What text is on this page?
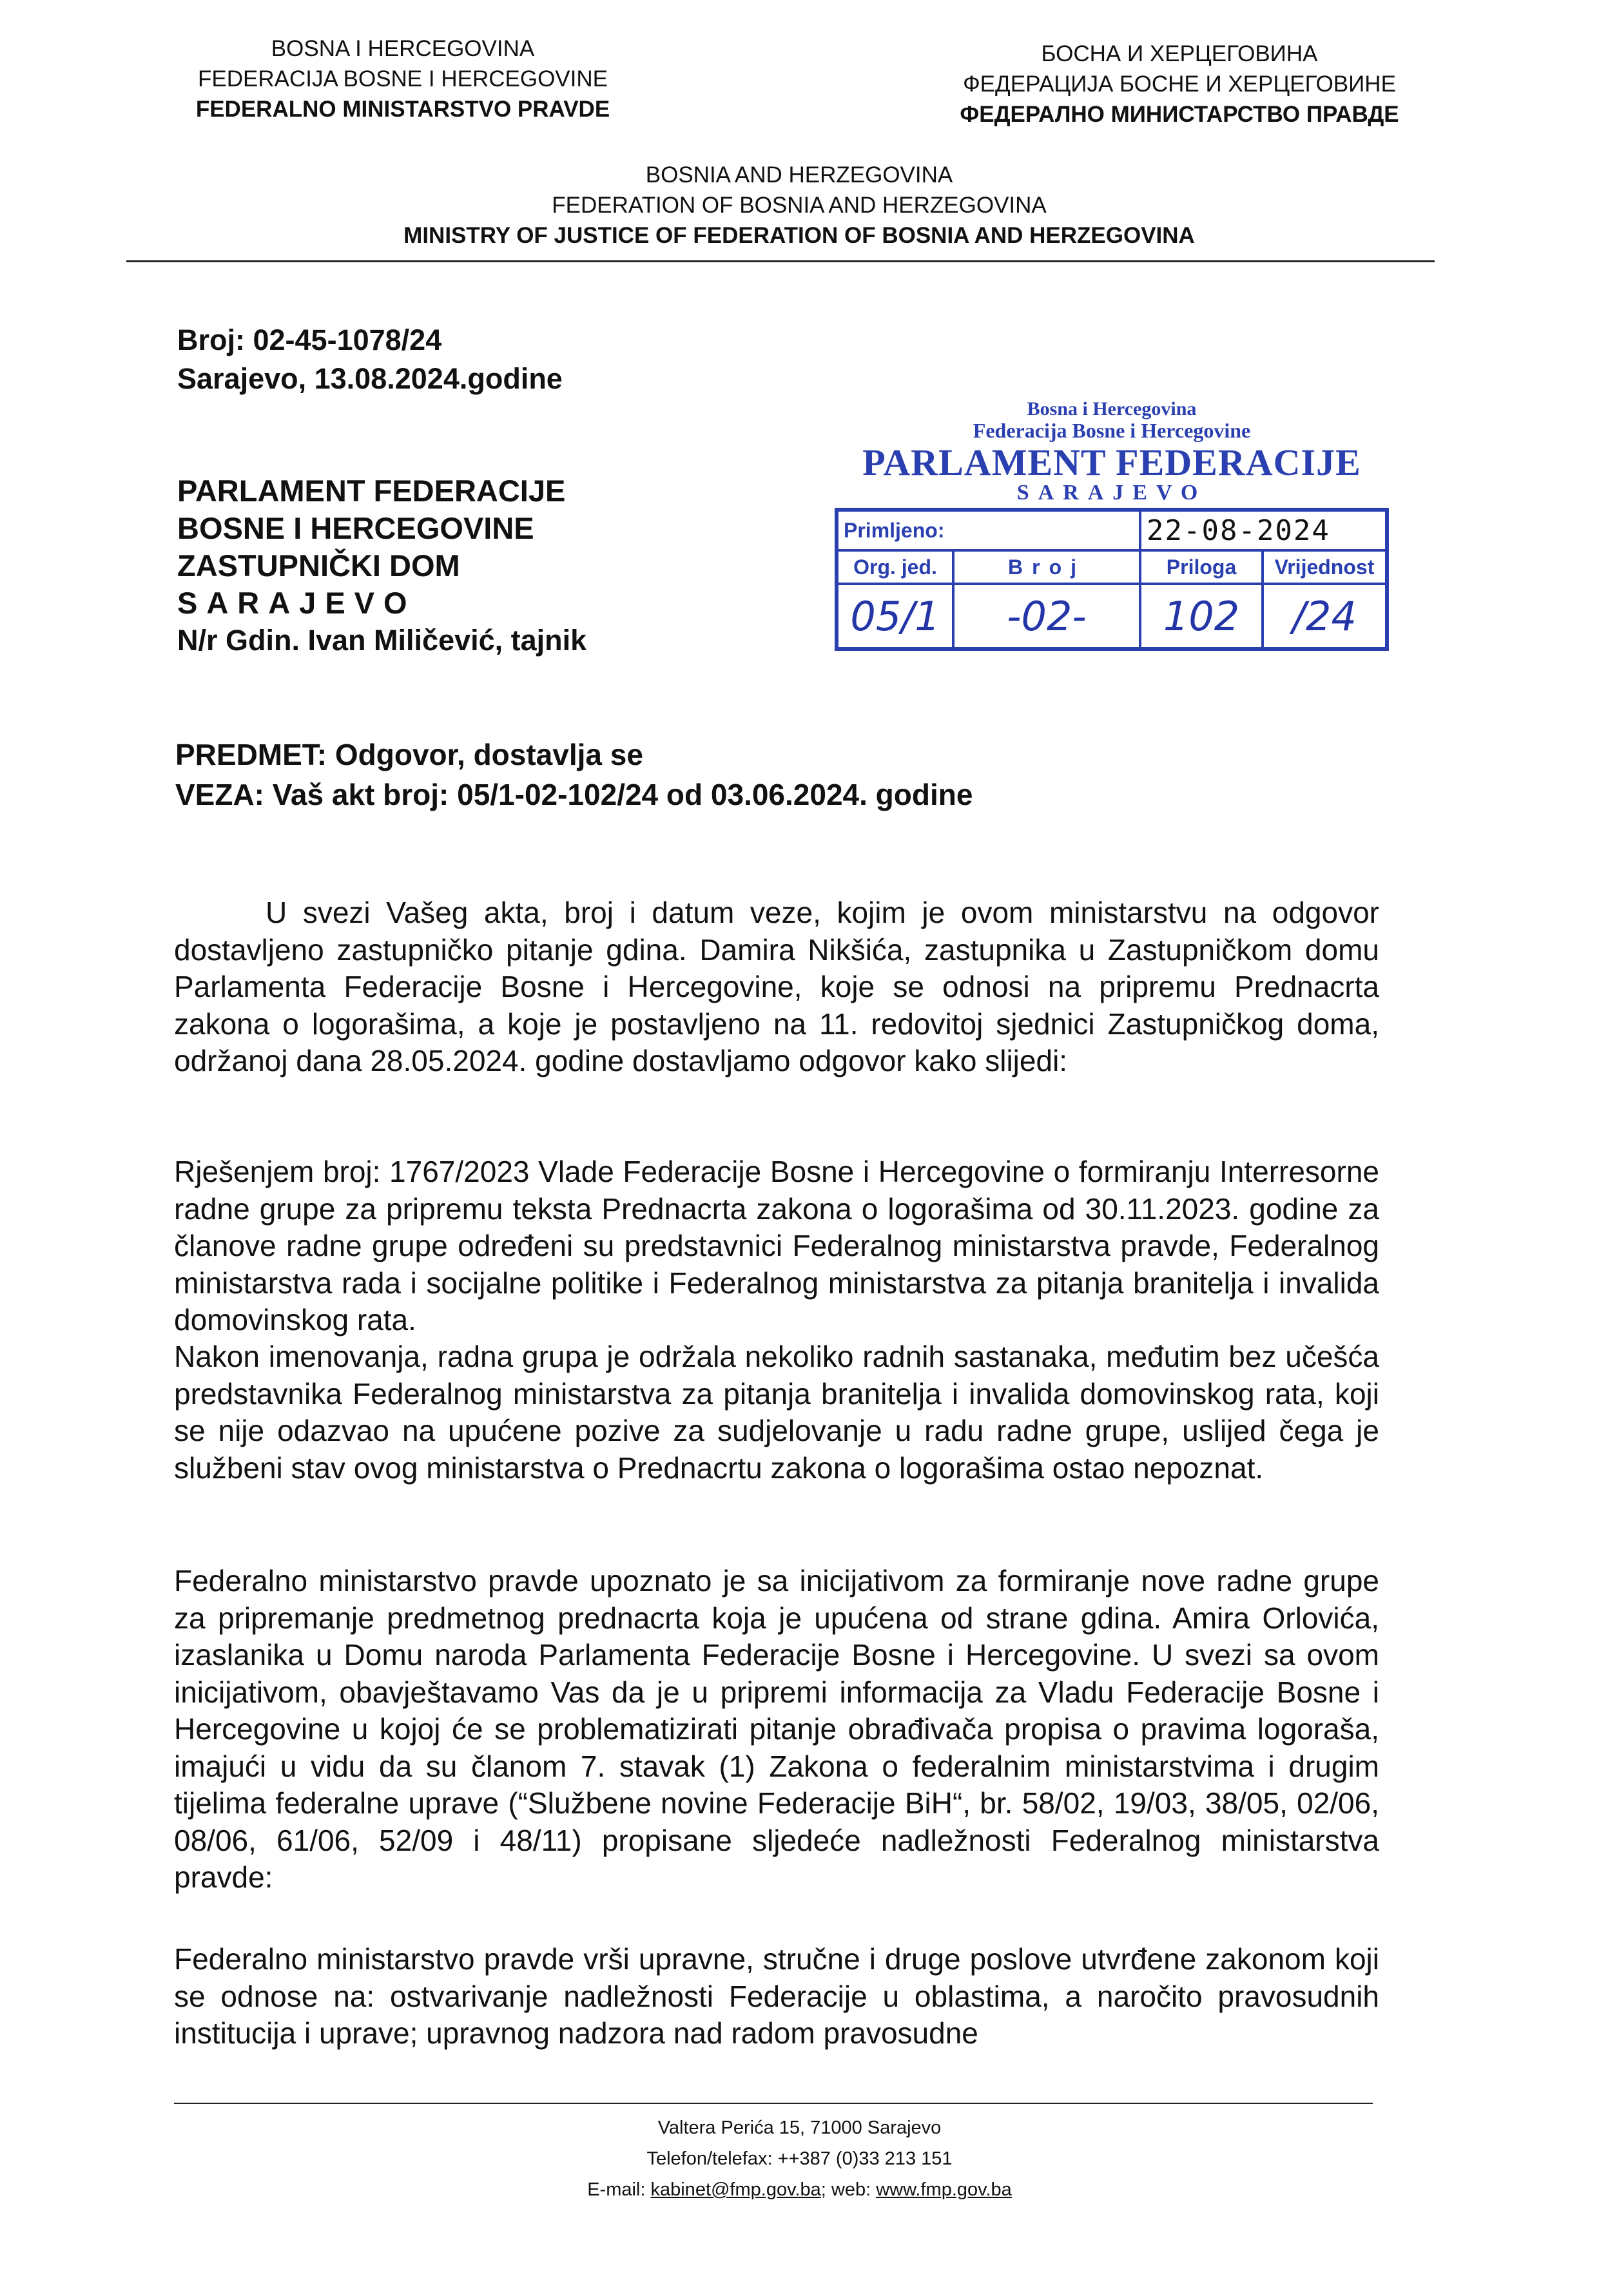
BOSNA I HERCEGOVINA
FEDERACIJA BOSNE I HERCEGOVINE
FEDERALNO MINISTARSTVO PRAVDE
БОСНА И ХЕРЦЕГОВИНА
ФЕДЕРАЦИЈА БОСНЕ И ХЕРЦЕГОВИНЕ
ФЕДЕРАЛНО МИНИСТАРСТВО ПРАВДЕ
BOSNIA AND HERZEGOVINA
FEDERATION OF BOSNIA AND HERZEGOVINA
MINISTRY OF JUSTICE OF FEDERATION OF BOSNIA AND HERZEGOVINA
Broj: 02-45-1078/24
Sarajevo, 13.08.2024.godine
PARLAMENT FEDERACIJE
BOSNE I HERCEGOVINE
ZASTUPNIČKI DOM
SARAJEVO
N/r Gdin. Ivan Miličević, tajnik
Bosna i Hercegovina
Federacija Bosne i Hercegovine
PARLAMENT FEDERACIJE
SARAJEVO
Primljeno:		22-08-2024	
Org. jed.	Broj	Priloga	Vrijednost
05/1	-02-	102	/24
PREDMET: Odgovor, dostavlja se
VEZA: Vaš akt broj: 05/1-02-102/24 od 03.06.2024. godine
U svezi Vašeg akta, broj i datum veze, kojim je ovom ministarstvu na odgovor dostavljeno zastupničko pitanje gdina. Damira Nikšića, zastupnika u Zastupničkom domu Parlamenta Federacije Bosne i Hercegovine, koje se odnosi na pripremu Prednacrta zakona o logorašima, a koje je postavljeno na 11. redovitoj sjednici Zastupničkog doma, održanoj dana 28.05.2024. godine dostavljamo odgovor kako slijedi:
Rješenjem broj: 1767/2023 Vlade Federacije Bosne i Hercegovine o formiranju Interresorne radne grupe za pripremu teksta Prednacrta zakona o logorašima od 30.11.2023. godine za članove radne grupe određeni su predstavnici Federalnog ministarstva pravde, Federalnog ministarstva rada i socijalne politike i Federalnog ministarstva za pitanja branitelja i invalida domovinskog rata.
Nakon imenovanja, radna grupa je održala nekoliko radnih sastanaka, međutim bez učešća predstavnika Federalnog ministarstva za pitanja branitelja i invalida domovinskog rata, koji se nije odazvao na upućene pozive za sudjelovanje u radu radne grupe, uslijed čega je službeni stav ovog ministarstva o Prednacrtu zakona o logorašima ostao nepoznat.
Federalno ministarstvo pravde upoznato je sa inicijativom za formiranje nove radne grupe za pripremanje predmetnog prednacrta koja je upućena od strane gdina. Amira Orlovića, izaslanika u Domu naroda Parlamenta Federacije Bosne i Hercegovine. U svezi sa ovom inicijativom, obavještavamo Vas da je u pripremi informacija za Vladu Federacije Bosne i Hercegovine u kojoj će se problematizirati pitanje obrađivača propisa o pravima logoraša, imajući u vidu da su članom 7. stavak (1) Zakona o federalnim ministarstvima i drugim tijelima federalne uprave (“Službene novine Federacije BiH“, br. 58/02, 19/03, 38/05, 02/06, 08/06, 61/06, 52/09 i 48/11) propisane sljedeće nadležnosti Federalnog ministarstva pravde:
Federalno ministarstvo pravde vrši upravne, stručne i druge poslove utvrđene zakonom koji se odnose na: ostvarivanje nadležnosti Federacije u oblastima, a naročito pravosudnih institucija i uprave; upravnog nadzora nad radom pravosudne
Valtera Perića 15, 71000 Sarajevo
Telefon/telefax: ++387 (0)33 213 151
E-mail: kabinet@fmp.gov.ba; web: www.fmp.gov.ba
